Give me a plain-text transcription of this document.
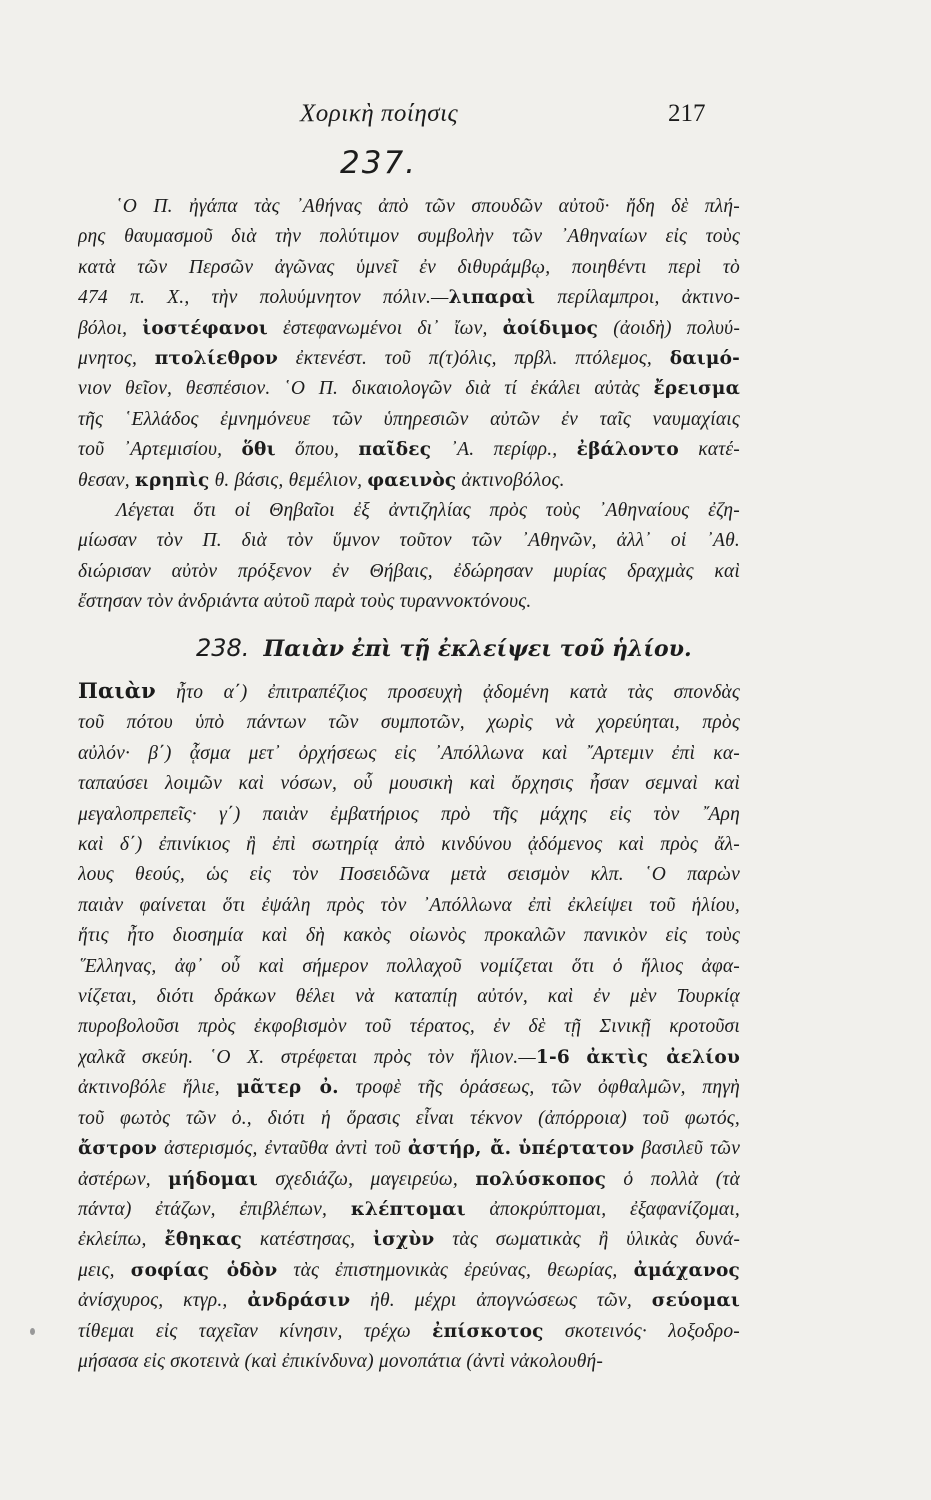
Χορικὴ ποίησις	217
237.
῾Ο Π. ἠγάπα τὰς ᾿Αθήνας ἀπὸ τῶν σπουδῶν αὐτοῦ· ἤδη δὲ πλή-
ρης θαυμασμοῦ διὰ τὴν πολύτιμον συμβολὴν τῶν ᾿Αθηναίων εἰς τοὺς
κατὰ τῶν Περσῶν ἀγῶνας ὑμνεῖ ἐν διθυράμβῳ, ποιηθέντι περὶ τὸ
474 π. Χ., τὴν πολυύμνητον πόλιν.—λιπαραὶ περίλαμπροι, ἀκτινο-
βόλοι, ἰοστέφανοι ἐστεφανωμένοι δι᾿ ἴων, ἀοίδιμος (ἀοιδὴ) πολυύ-
μνητος, πτολίεθρον ἐκτενέστ. τοῦ π(τ)όλις, πρβλ. πτόλεμος, δαιμό-
νιον θεῖον, θεσπέσιον. ῾Ο Π. δικαιολογῶν διὰ τί ἐκάλει αὐτὰς ἔρεισμα
τῆς ῾Ελλάδος ἐμνημόνευε τῶν ὑπηρεσιῶν αὐτῶν ἐν ταῖς ναυμαχίαις
τοῦ ᾿Αρτεμισίου, ὅθι ὅπου, παῖδες ᾿Α. περίφρ., ἐβάλοντο κατέ-
θεσαν, κρηπὶς θ. βάσις, θεμέλιον, φαεινὸς ἀκτινοβόλος.
Λέγεται ὅτι οἱ Θηβαῖοι ἐξ ἀντιζηλίας πρὸς τοὺς ᾿Αθηναίους ἐζη-
μίωσαν τὸν Π. διὰ τὸν ὕμνον τοῦτον τῶν ᾿Αθηνῶν, ἀλλ᾿ οἱ ᾿Αθ.
διώρισαν αὐτὸν πρόξενον ἐν Θήβαις, ἐδώρησαν μυρίας δραχμὰς καὶ
ἔστησαν τὸν ἀνδριάντα αὐτοῦ παρὰ τοὺς τυραννοκτόνους.
238. Παιὰν ἐπὶ τῇ ἐκλείψει τοῦ ἡλίου.
Παιὰν ἦτο α΄) ἐπιτραπέζιος προσευχὴ ᾀδομένη κατὰ τὰς σπονδὰς
τοῦ πότου ὑπὸ πάντων τῶν συμποτῶν, χωρὶς νὰ χορεύηται, πρὸς
αὐλόν· β΄) ᾆσμα μετ᾿ ὀρχήσεως εἰς ᾿Απόλλωνα καὶ ῎Αρτεμιν ἐπὶ κα-
ταπαύσει λοιμῶν καὶ νόσων, οὗ μουσικὴ καὶ ὄρχησις ἦσαν σεμναὶ καὶ
μεγαλοπρεπεῖς· γ΄) παιὰν ἐμβατήριος πρὸ τῆς μάχης εἰς τὸν ῎Αρη
καὶ δ΄) ἐπινίκιος ἢ ἐπὶ σωτηρίᾳ ἀπὸ κινδύνου ᾀδόμενος καὶ πρὸς ἄλ-
λους θεούς, ὡς εἰς τὸν Ποσειδῶνα μετὰ σεισμὸν κλπ. ῾Ο παρὼν
παιὰν φαίνεται ὅτι ἐψάλη πρὸς τὸν ᾿Απόλλωνα ἐπὶ ἐκλείψει τοῦ ἡλίου,
ἥτις ἦτο διοσημία καὶ δὴ κακὸς οἰωνὸς προκαλῶν πανικὸν εἰς τοὺς
῞Ελληνας, ἀφ᾿ οὗ καὶ σήμερον πολλαχοῦ νομίζεται ὅτι ὁ ἥλιος ἀφα-
νίζεται, διότι δράκων θέλει νὰ καταπίῃ αὐτόν, καὶ ἐν μὲν Τουρκίᾳ
πυροβολοῦσι πρὸς ἐκφοβισμὸν τοῦ τέρατος, ἐν δὲ τῇ Σινικῇ κροτοῦσι
χαλκᾶ σκεύη. ῾Ο Χ. στρέφεται πρὸς τὸν ἥλιον.—1-6 ἀκτὶς ἀελίου
ἀκτινοβόλε ἥλιε, μᾶτερ ὀ. τροφὲ τῆς ὁράσεως, τῶν ὀφθαλμῶν, πηγὴ
τοῦ φωτὸς τῶν ὀ., διότι ἡ ὅρασις εἶναι τέκνον (ἀπόρροια) τοῦ φωτός,
ἄστρον ἀστερισμός, ἐνταῦθα ἀντὶ τοῦ ἀστήρ, ἄ. ὑπέρτατον βασιλεῦ τῶν
ἀστέρων, μήδομαι σχεδιάζω, μαγειρεύω, πολύσκοπος ὁ πολλὰ (τὰ
πάντα) ἐτάζων, ἐπιβλέπων, κλέπτομαι ἀποκρύπτομαι, ἐξαφανίζομαι,
ἐκλείπω, ἔθηκας κατέστησας, ἰσχὺν τὰς σωματικὰς ἢ ὑλικὰς δυνά-
μεις, σοφίας ὁδὸν τὰς ἐπιστημονικὰς ἐρεύνας, θεωρίας, ἀμάχανος
ἀνίσχυρος, κτγρ., ἀνδράσιν ἠθ. μέχρι ἀπογνώσεως τῶν, σεύομαι
τίθεμαι εἰς ταχεῖαν κίνησιν, τρέχω ἐπίσκοτος σκοτεινός· λοξοδρο-
μήσασα εἰς σκοτεινὰ (καὶ ἐπικίνδυνα) μονοπάτια (ἀντὶ νἀκολουθή-
